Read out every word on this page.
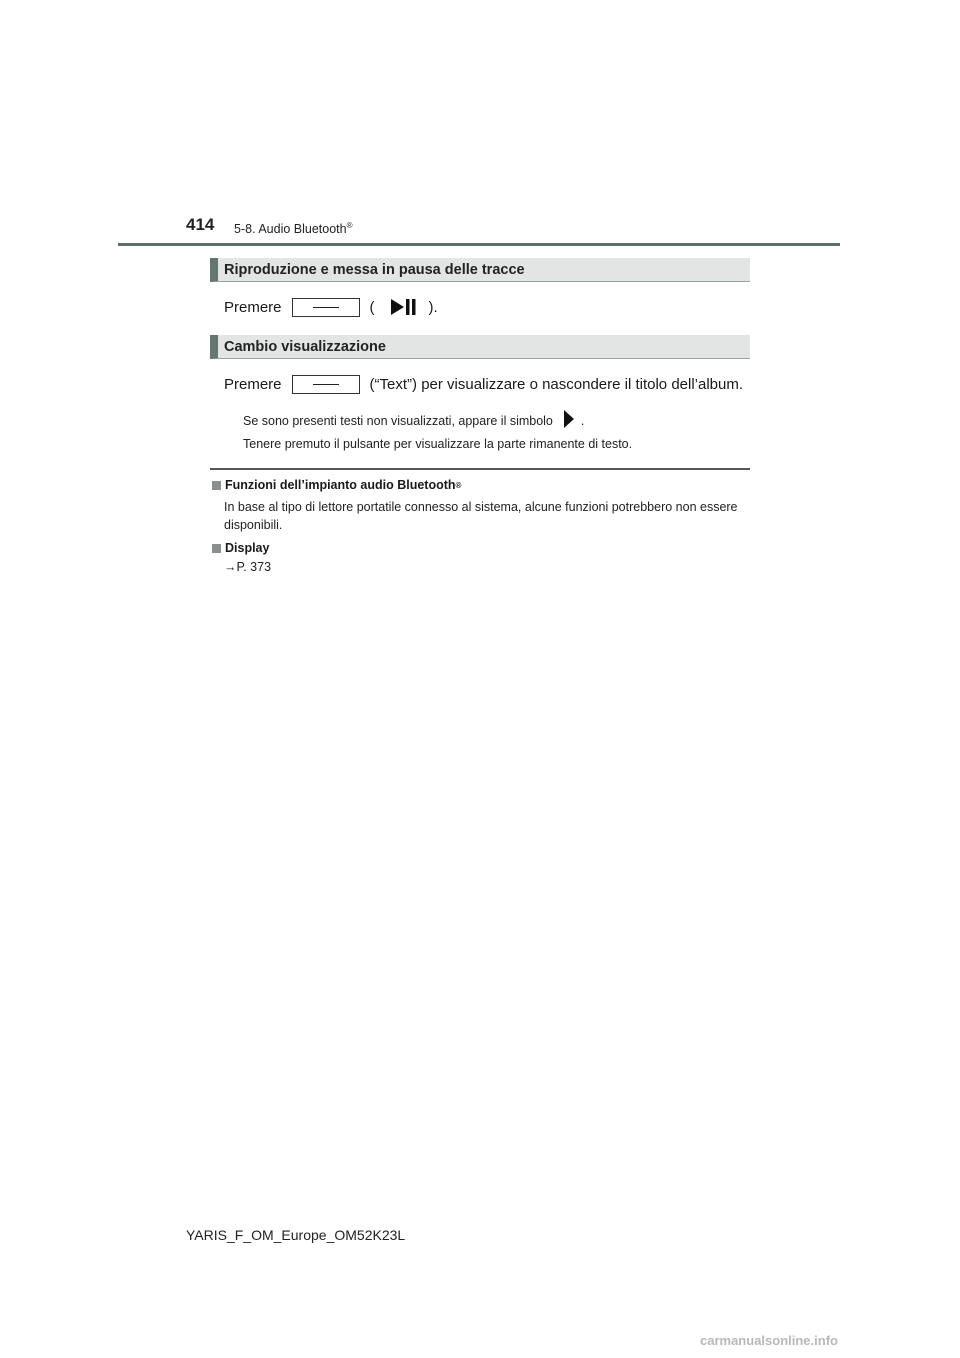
414 5-8. Audio Bluetooth®
Riproduzione e messa in pausa delle tracce
Premere	(	).
Cambio visualizzazione
Premere	(“Text”) per visualizzare o nascondere il titolo dell’album.
Se sono presenti testi non visualizzati, appare il simbolo .
Tenere premuto il pulsante per visualizzare la parte rimanente di testo.
Funzioni dell’impianto audio Bluetooth ®
In base al tipo di lettore portatile connesso al sistema, alcune funzioni potrebbero non essere disponibili.
Display
→P. 373
YARIS_F_OM_Europe_OM52K23L
carmanualsonline.info
